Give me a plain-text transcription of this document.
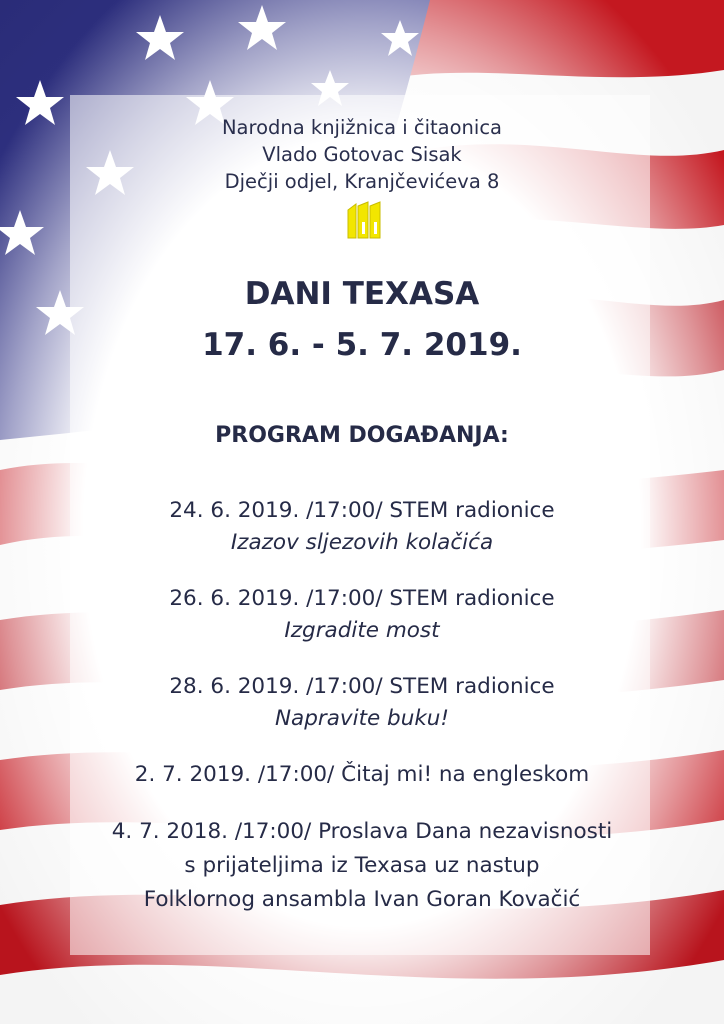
Narodna knjižnica i čitaonica
Vlado Gotovac Sisak
Dječji odjel, Kranjčevićeva 8
DANI TEXASA
17. 6. - 5. 7. 2019.
PROGRAM DOGAĐANJA:
24. 6. 2019. /17:00/ STEM radionice
Izazov sljezovih kolačića
26. 6. 2019. /17:00/ STEM radionice
Izgradite most
28. 6. 2019. /17:00/ STEM radionice
Napravite buku!
2. 7. 2019. /17:00/ Čitaj mi! na engleskom
4. 7. 2018. /17:00/ Proslava Dana nezavisnosti
s prijateljima iz Texasa uz nastup
Folklornog ansambla Ivan Goran Kovačić
